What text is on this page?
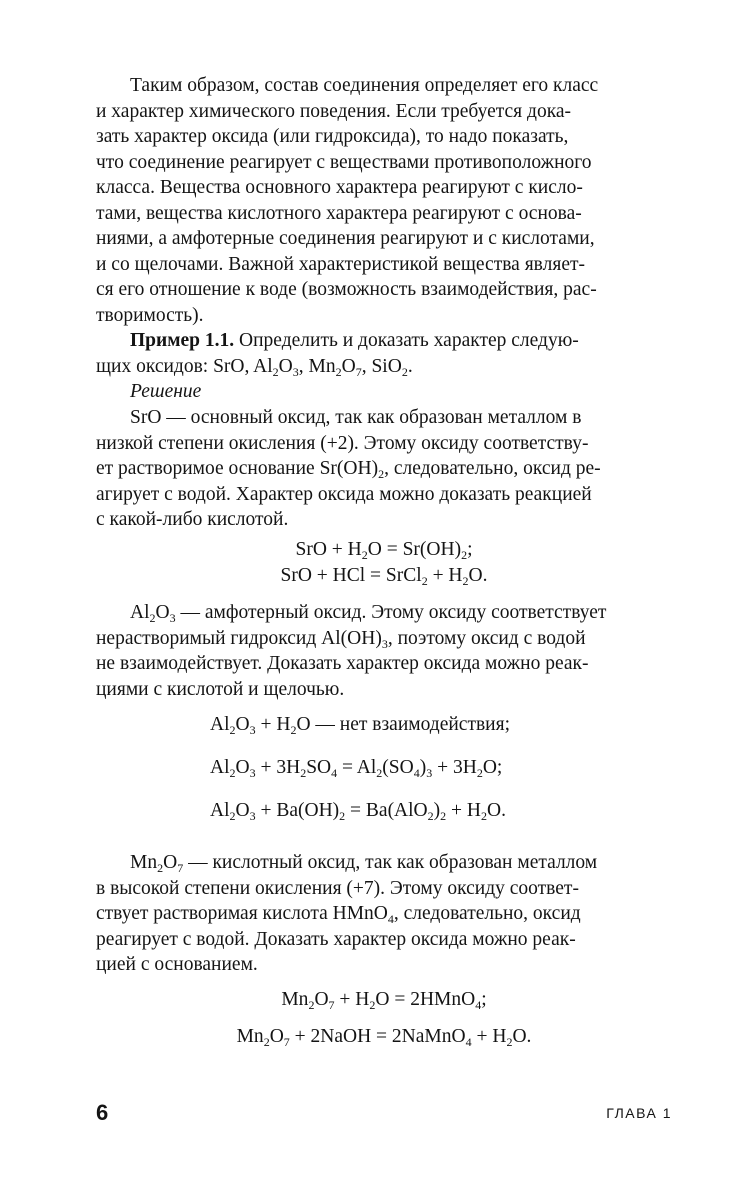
Таким образом, состав соединения определяет его класс
и характер химического поведения. Если требуется дока-
зать характер оксида (или гидроксида), то надо показать,
что соединение реагирует с веществами противоположного
класса. Вещества основного характера реагируют с кисло-
тами, вещества кислотного характера реагируют с основа-
ниями, а амфотерные соединения реагируют и с кислотами,
и со щелочами. Важной характеристикой вещества являет-
ся его отношение к воде (возможность взаимодействия, рас-
творимость).

Пример 1.1. Определить и доказать характер следую-
щих оксидов: SrO, $Al_2O_3$, $Mn_2O_7$, SiO$_2$.
Решение

SrO — основный оксид, так как образован металлом в
низкой степени окисления (+2). Этому оксиду соответству-
ет растворимое основание $Sr(OH)_2$, следовательно, оксид ре-
агирует с водой. Характер оксида можно доказать реакцией
с какой-либо кислотой.

SrO + $H_2O = Sr(OH)_2$;
SrO + HCl = SrCl$_2$ + $H_2O$.

$Al_2O_3$ — амфотерный оксид. Этому оксиду соответствует
нерастворимый гидроксид $Al(OH)_3$, поэтому оксид с водой
не взаимодействует. Доказать характер оксида можно реак-
циями с кислотой и щелочью.

$Al_2O_3 + H_2O$ — нет взаимодействия;
$Al_2O_3 + 3H_2SO_4 = Al_2(SO_4)_3 + 3H_2O$;
$Al_2O_3 + Ba(OH)_2 = Ba(AlO_2)_2 + H_2O$.

$Mn_2O_7$ — кислотный оксид, так как образован металлом
в высокой степени окисления (+7). Этому оксиду соответ-
ствует растворимая кислота HMnO$_4$, следовательно, оксид
реагирует с водой. Доказать характер оксида можно реак-
цией с основанием.

$Mn_2O_7 + H_2O$ = 2HMnO$_4$;
$Mn_2O_7$ + 2NaOH = 2NaMnO$_4$ + $H_2O$.
6	ГЛАВА 1
